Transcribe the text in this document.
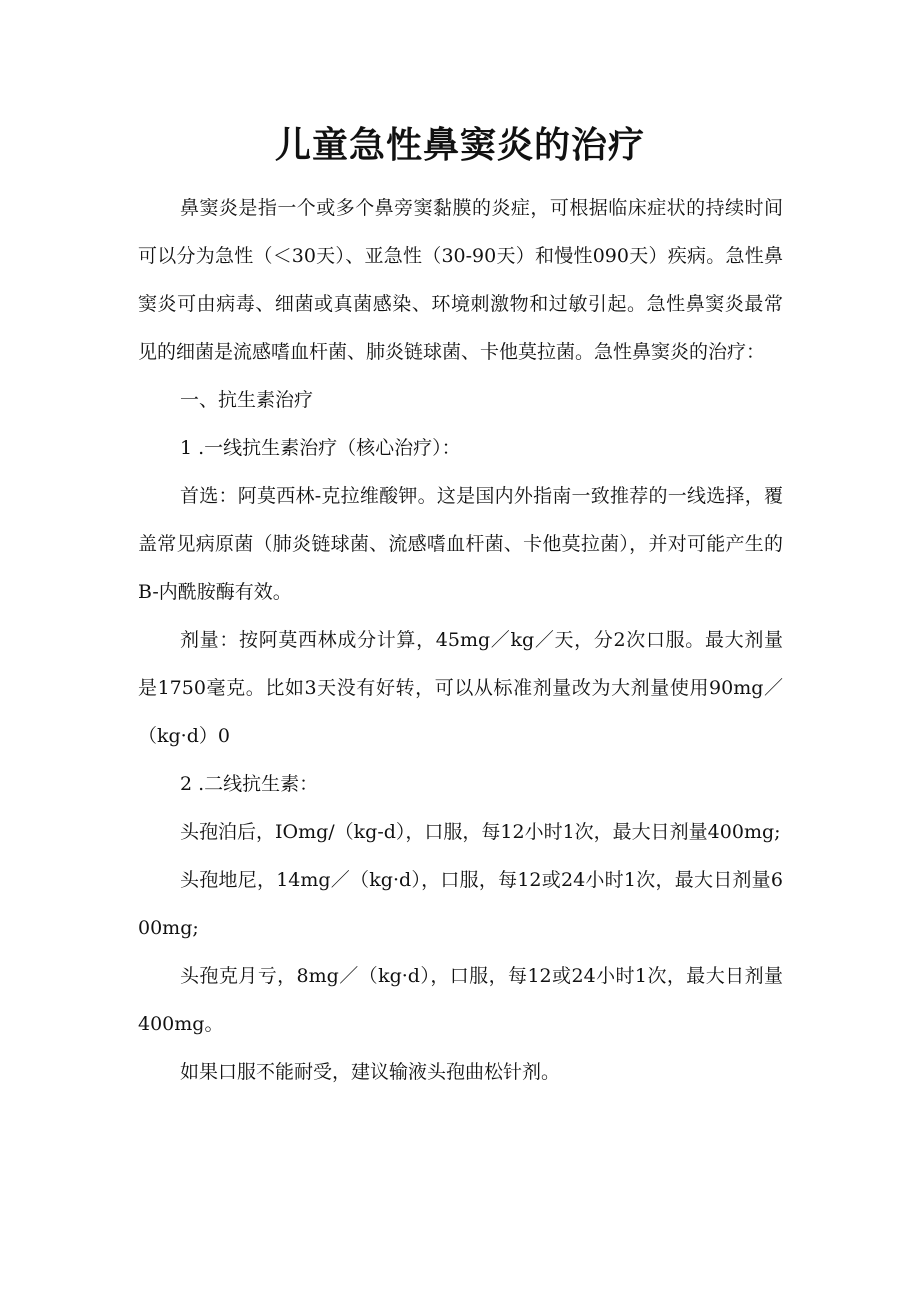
儿童急性鼻窦炎的治疗

鼻窦炎是指一个或多个鼻旁窦黏膜的炎症，可根据临床症状的持续时间可以分为急性（＜30天）、亚急性（30-90天）和慢性090天）疾病。急性鼻窦炎可由病毒、细菌或真菌感染、环境刺激物和过敏引起。急性鼻窦炎最常见的细菌是流感嗜血杆菌、肺炎链球菌、卡他莫拉菌。急性鼻窦炎的治疗：

一、抗生素治疗

1 .一线抗生素治疗（核心治疗）：

首选：阿莫西林-克拉维酸钾。这是国内外指南一致推荐的一线选择，覆盖常见病原菌（肺炎链球菌、流感嗜血杆菌、卡他莫拉菌），并对可能产生的B-内酰胺酶有效。

剂量：按阿莫西林成分计算，45mg／kg／天，分2次口服。最大剂量是1750毫克。比如3天没有好转，可以从标准剂量改为大剂量使用90mg／（kg·d）0

2 .二线抗生素：

头孢泊后，IOmg/（kg-d），口服，每12小时1次，最大日剂量400mg;

头孢地尼，14mg／（kg·d），口服，每12或24小时1次，最大日剂量600mg;

头孢克月亏，8mg／（kg·d），口服，每12或24小时1次，最大日剂量400mg。

如果口服不能耐受，建议输液头孢曲松针剂。
